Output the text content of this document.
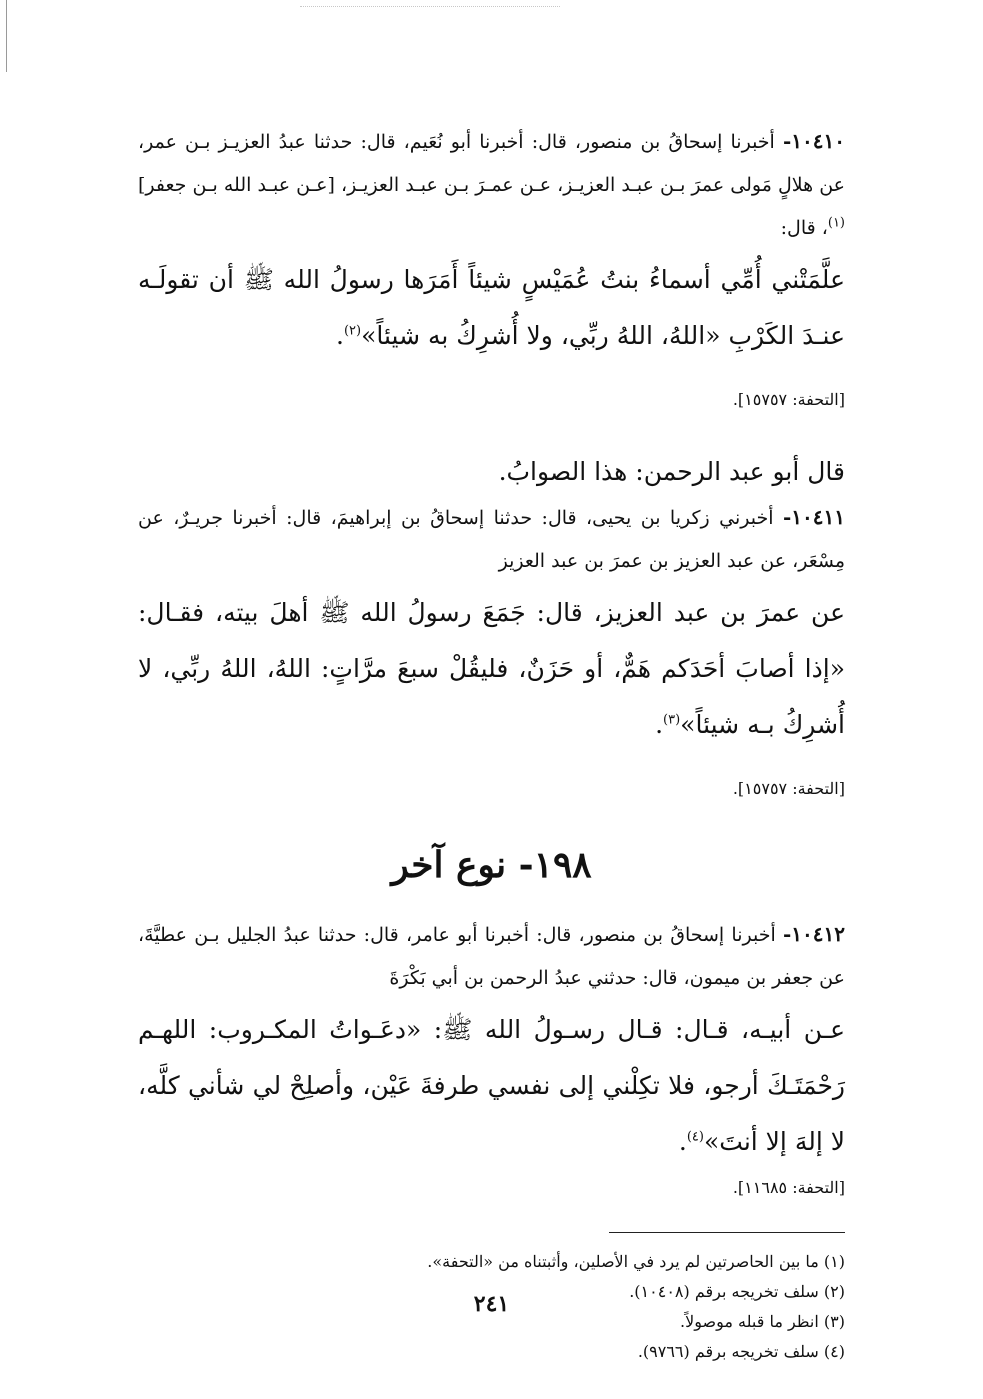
١٠٤١٠- أخبرنا إسحاقُ بن منصور، قال: أخبرنا أبو نُعَيم، قال: حدثنا عبدُ العزيـز بـن عمر، عن هلالٍ مَولى عمرَ بـن عبـد العزيـز، عـن عمـرَ بـن عبـد العزيـز، [عـن عبـد الله بـن جعفر]$^{(١)}$، قال:

علَّمَتْني أُمِّي أسماءُ بنتُ عُمَيْسٍ شيئاً أَمَرَها رسولُ الله ﷺ أن تقولَـه عنـدَ الكَرْبِ «اللهُ، اللهُ ربِّي، ولا أُشرِكُ به شيئاً»$^{(٢)}$.

[التحفة: ١٥٧٥٧].

قال أبو عبد الرحمن: هذا الصوابُ.

١٠٤١١- أخبرني زكريا بن يحيى، قال: حدثنا إسحاقُ بن إبراهيمَ، قال: أخبرنا جريـرٌ، عن مِسْعَر، عن عبد العزيز بن عمرَ بن عبد العزيز

عن عمرَ بن عبد العزيز، قال: جَمَعَ رسولُ الله ﷺ أهلَ بيته، فقـال: «إذا أصابَ أحَدَكم هَمٌّ، أو حَزَنٌ، فليقُلْ سبعَ مرَّاتٍ: اللهُ، اللهُ ربِّي، لا أُشرِكُ بـه شيئاً»$^{(٣)}$.

[التحفة: ١٥٧٥٧].

١٩٨- نوع آخر

١٠٤١٢- أخبرنا إسحاقُ بن منصور، قال: أخبرنا أبو عامر، قال: حدثنا عبدُ الجليل بـن عطيَّةَ، عن جعفر بن ميمون، قال: حدثني عبدُ الرحمن بن أبي بَكْرَةَ

عـن أبيـه، قـال: قـال رسـولُ الله ﷺ: «دعَـواتُ المكـروب: اللهـم رَحْمَتَـكَ أرجو، فلا تكِلْني إلى نفسي طرفةَ عَيْن، وأصلِحْ لي شأني كلَّه، لا إلهَ إلا أنتَ»$^{(٤)}$.

[التحفة: ١١٦٨٥].

(١) ما بين الحاصرتين لم يرد في الأصلين، وأثبتناه من «التحفة».
(٢) سلف تخريجه برقم (١٠٤٠٨).
(٣) انظر ما قبله موصولاً.
(٤) سلف تخريجه برقم (٩٧٦٦).
٢٤١
